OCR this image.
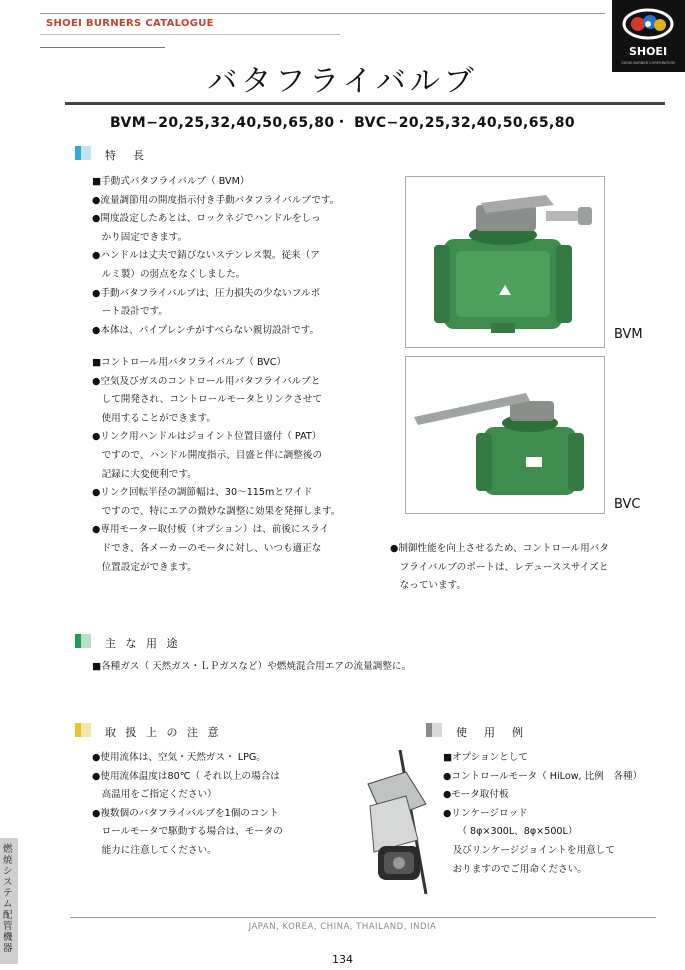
SHOEI BURNERS CATALOGUE
SHOEI
SHOEI BURNER CORPORATION
バタフライバルブ
BVM−20,25,32,40,50,65,80・ BVC−20,25,32,40,50,65,80
特　長
■手動式バタフライバルブ（ BVM）
●流量調節用の開度指示付き手動バタフライバルブです。
●開度設定したあとは、ロックネジでハンドルをしっ
　かり固定できます。
●ハンドルは丈夫で錆びないステンレス製。従来（ア
　ルミ製）の弱点をなくしました。
●手動バタフライバルブは、圧力損失の少ないフルポ
　ート設計です。
●本体は、パイプレンチがすべらない親切設計です。
■コントロール用バタフライバルブ（ BVC）
●空気及びガスのコントロール用バタフライバルブと
　して開発され、コントロールモータとリンクさせて
　使用することができます。
●リンク用ハンドルはジョイント位置目盛付（ PAT）
　ですので、ハンドル開度指示、目盛と伴に調整後の
　記録に大変便利です。
●リンク回転半径の調節幅は、30〜115mとワイド
　ですので、特にエアの微妙な調整に効果を発揮します。
●専用モーター取付板（オプション）は、前後にスライ
　ドでき、各メーカーのモータに対し、いつも適正な
　位置設定ができます。
BVM
BVC
●制御性能を向上させるため、コントロール用バタ
　フライバルブのポートは、レデューススサイズと
　なっています。
主 な 用 途
■各種ガス（ 天然ガス・ＬＰガスなど）や燃焼混合用エアの流量調整に。
取 扱 上 の 注 意
●使用流体は、空気・天然ガス・ LPG。
●使用流体温度は80℃（ それ以上の場合は
　高温用をご指定ください）
●複数個のバタフライバルブを1個のコント
　ロールモータで駆動する場合は、モータの
　能力に注意してください。
使　用　例
■オプションとして
●コントロールモータ（ HiLow, 比例　各種）
●モータ取付板
●リンケージロッド
　　（ 8φ×300L、8φ×500L）
　及びリンケージジョイントを用意して
　おりますのでご用命ください。
燃焼システム配管機器
JAPAN, KOREA, CHINA, THAILAND, INDIA
134
